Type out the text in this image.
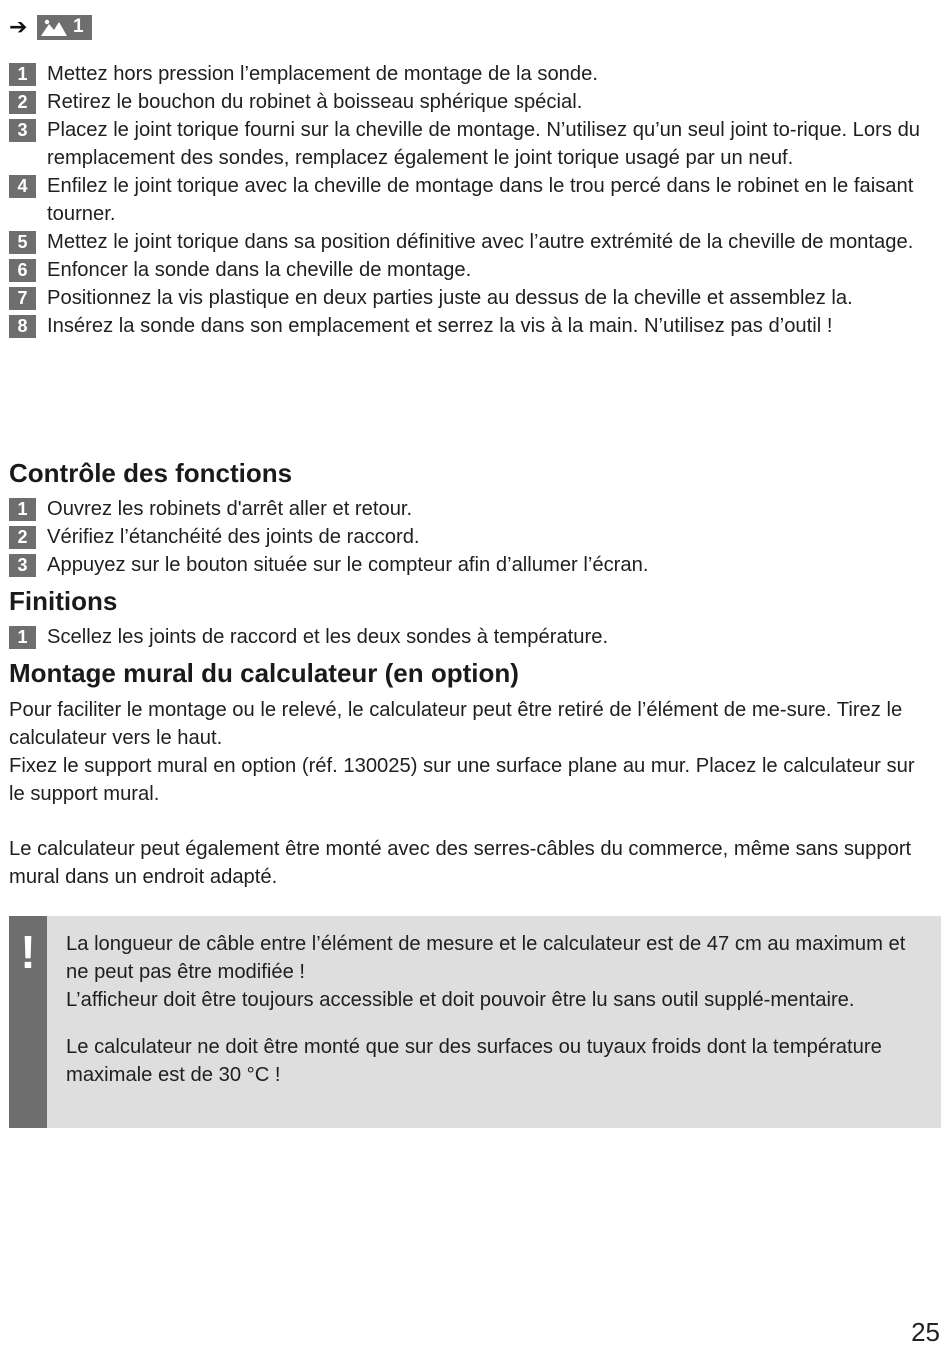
➔	1
1 Mettez hors pression l’emplacement de montage de la sonde.
2 Retirez le bouchon du robinet à boisseau sphérique spécial.
3 Placez le joint torique fourni sur la cheville de montage. N’utilisez qu’un seul joint to-rique. Lors du remplacement des sondes, remplacez également le joint torique usagé par un neuf.
4 Enfilez le joint torique avec la cheville de montage dans le trou percé dans le robinet en le faisant tourner.
5 Mettez le joint torique dans sa position définitive avec l’autre extrémité de la cheville de montage.
6 Enfoncer la sonde dans la cheville de montage.
7 Positionnez la vis plastique en deux parties juste au dessus de la cheville et assemblez la.
8 Insérez la sonde dans son emplacement et serrez la vis à la main. N’utilisez pas d’outil !
Contrôle des fonctions
1 Ouvrez les robinets d'arrêt aller et retour.
2 Vérifiez l’étanchéité des joints de raccord.
3 Appuyez sur le bouton située sur le compteur afin d’allumer l’écran.
Finitions
1 Scellez les joints de raccord et les deux sondes à température.
Montage mural du calculateur (en option)

Pour faciliter le montage ou le relevé, le calculateur peut être retiré de l’élément de me-sure. Tirez le calculateur vers le haut.

Fixez le support mural en option (réf. 130025) sur une surface plane au mur. Placez le calculateur sur le support mural.

Le calculateur peut également être monté avec des serres-câbles du commerce, même sans support mural dans un endroit adapté.

!	La longueur de câble entre l’élément de mesure et le calculateur est de 47 cm au maximum et ne peut pas être modifiée !

L’afficheur doit être toujours accessible et doit pouvoir être lu sans outil supplé-mentaire.

Le calculateur ne doit être monté que sur des surfaces ou tuyaux froids dont la température maximale est de 30 °C !

25
